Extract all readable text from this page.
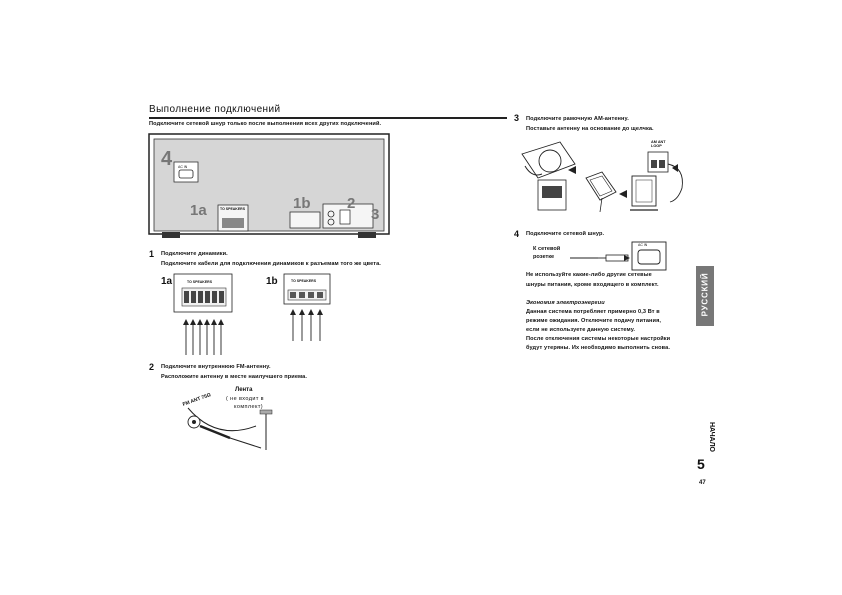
Выполнение подключений
Подключите сетевой шнур только после выполнения всех других подключений.
4
1a	1b 2
3
AC IN
TO SPEAKERS
1 Подключите динамики.
Подключите кабели для подключения динамиков к разъемам того же цвета.
1a	1b
TO SPEAKERS	TO SPEAKERS
2 Подключите внутреннюю FM-антенну.
Расположите антенну в месте наилучшего приема.
FM ANT 75Ω
Лента
( не входит в
комплект)
3 Подключите рамочную AM-антенну.
Поставьте антенну на основание до щелчка.
AM ANT LOOP
4 Подключите сетевой шнур.
К сетевой
розетке
AC IN
Не используйте какие-либо другие сетевые
шнуры питания, кроме входящего в комплект.
Экономия электроэнергии
Данная система потребляет примерно 0,3 Вт в
режиме ожидания. Отключите подачу питания,
если не используете данную систему.
После отключения системы некоторые настройки
будут утеряны. Их необходимо выполнить снова.
РУССКИЙ
НАЧАЛО
5
47
